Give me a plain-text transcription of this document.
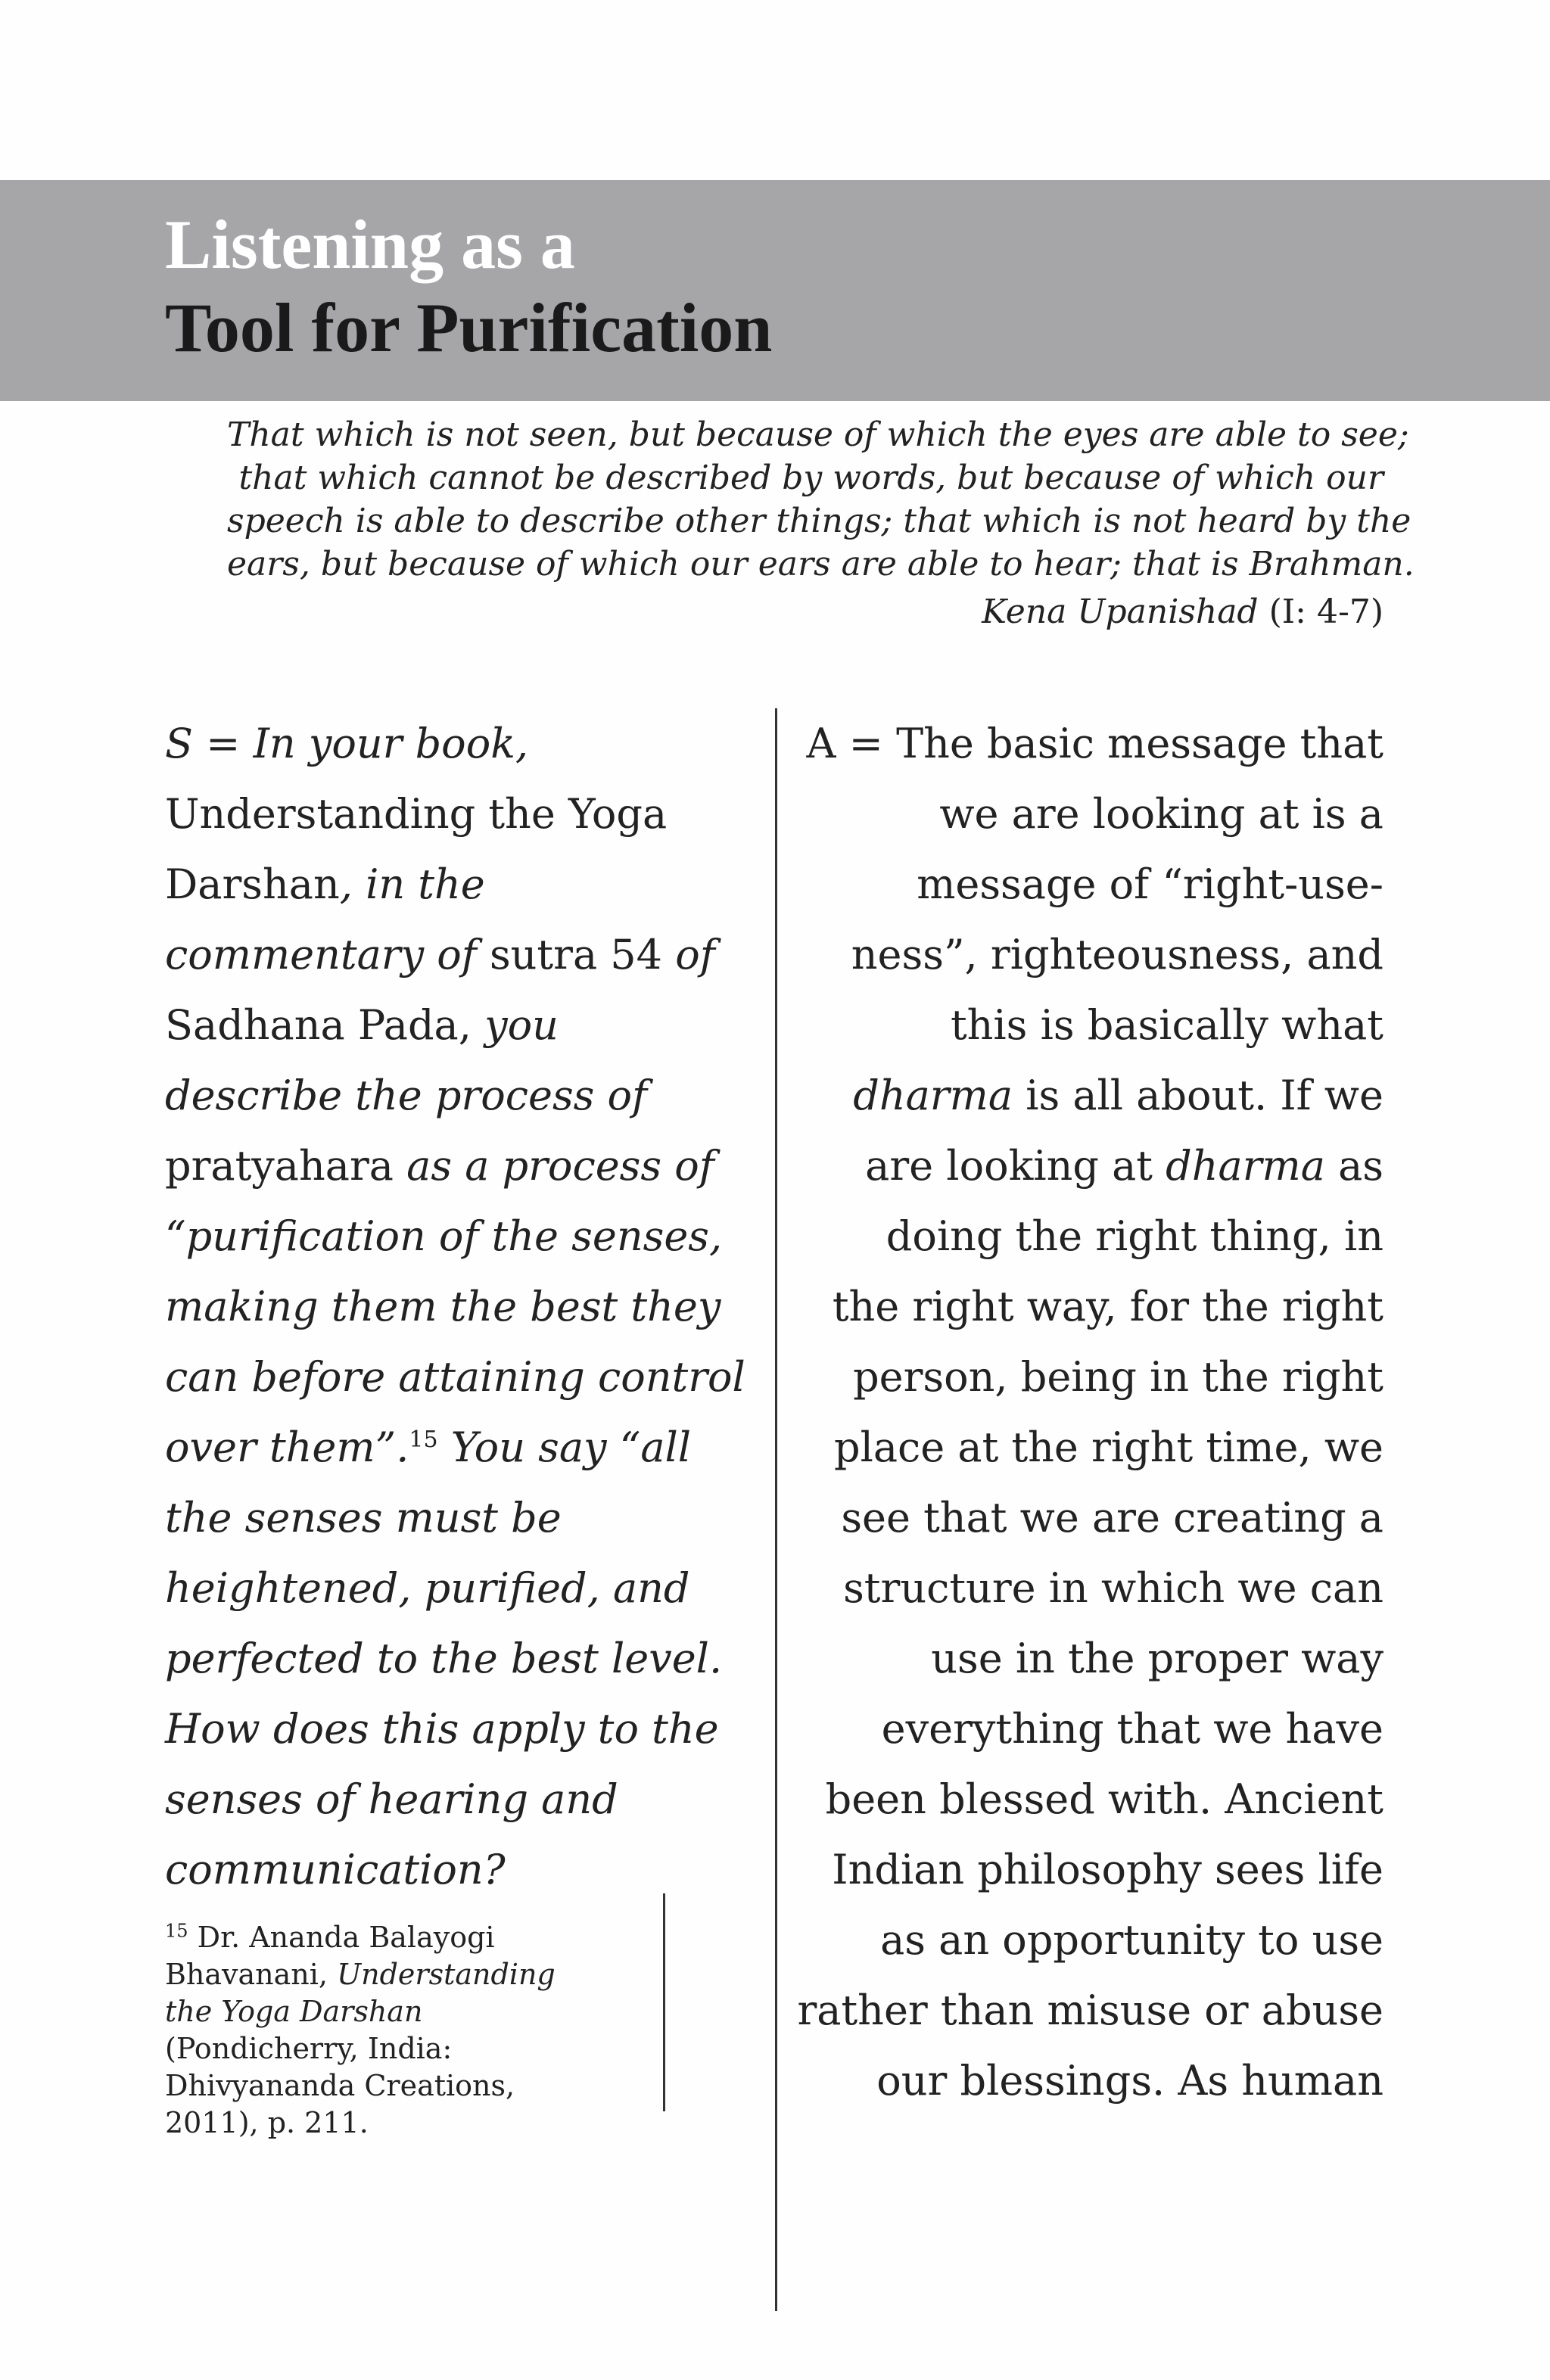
Listening as a
Tool for Purification
That which is not seen, but because of which the eyes are able to see;
that which cannot be described by words, but because of which our
speech is able to describe other things; that which is not heard by the
ears, but because of which our ears are able to hear; that is Brahman.
Kena Upanishad (I: 4-7)
S = In your book,
Understanding the Yoga
Darshan, in the
commentary of sutra 54 of
Sadhana Pada, you
describe the process of
pratyahara as a process of
“purification of the senses,
making them the best they
can before attaining control
over them”.$^{15}$ You say “all
the senses must be
heightened, purified, and
perfected to the best level.
How does this apply to the
senses of hearing and
communication?
A = The basic message that
we are looking at is a
message of “right-use-
ness”, righteousness, and
this is basically what
dharma is all about. If we
are looking at dharma as
doing the right thing, in
the right way, for the right
person, being in the right
place at the right time, we
see that we are creating a
structure in which we can
use in the proper way
everything that we have
been blessed with. Ancient
Indian philosophy sees life
as an opportunity to use
rather than misuse or abuse
our blessings. As human
$^{15}$ Dr. Ananda Balayogi
Bhavanani, Understanding
the Yoga Darshan
(Pondicherry, India:
Dhivyananda Creations,
2011), p. 211.
